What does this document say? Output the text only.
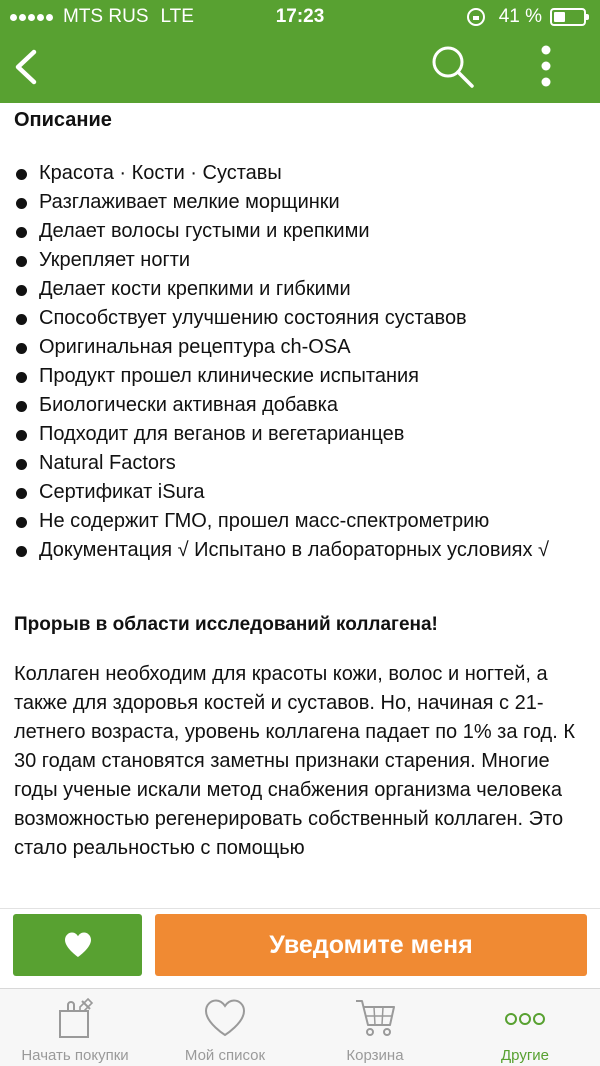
MTS RUS LTE	17:23	41 %
Описание
Красота · Кости · Суставы
Разглаживает мелкие морщинки
Делает волосы густыми и крепкими
Укрепляет ногти
Делает кости крепкими и гибкими
Способствует улучшению состояния суставов
Оригинальная рецептура ch-OSA
Продукт прошел клинические испытания
Биологически активная добавка
Подходит для веганов и вегетарианцев
Natural Factors
Сертификат iSura
Не содержит ГМО, прошел масс-спектрометрию
Документация √ Испытано в лабораторных условиях √
Прорыв в области исследований коллагена!
Коллаген необходим для красоты кожи, волос и ногтей, а также для здоровья костей и суставов. Но, начиная с 21-летнего возраста, уровень коллагена падает по 1% за год. К 30 годам становятся заметны признаки старения. Многие годы ученые искали метод снабжения организма человека возможностью регенерировать собственный коллаген. Это стало реальностью с помощью
Уведомите меня
Начать покупки	Мой список	Корзина	Другие
